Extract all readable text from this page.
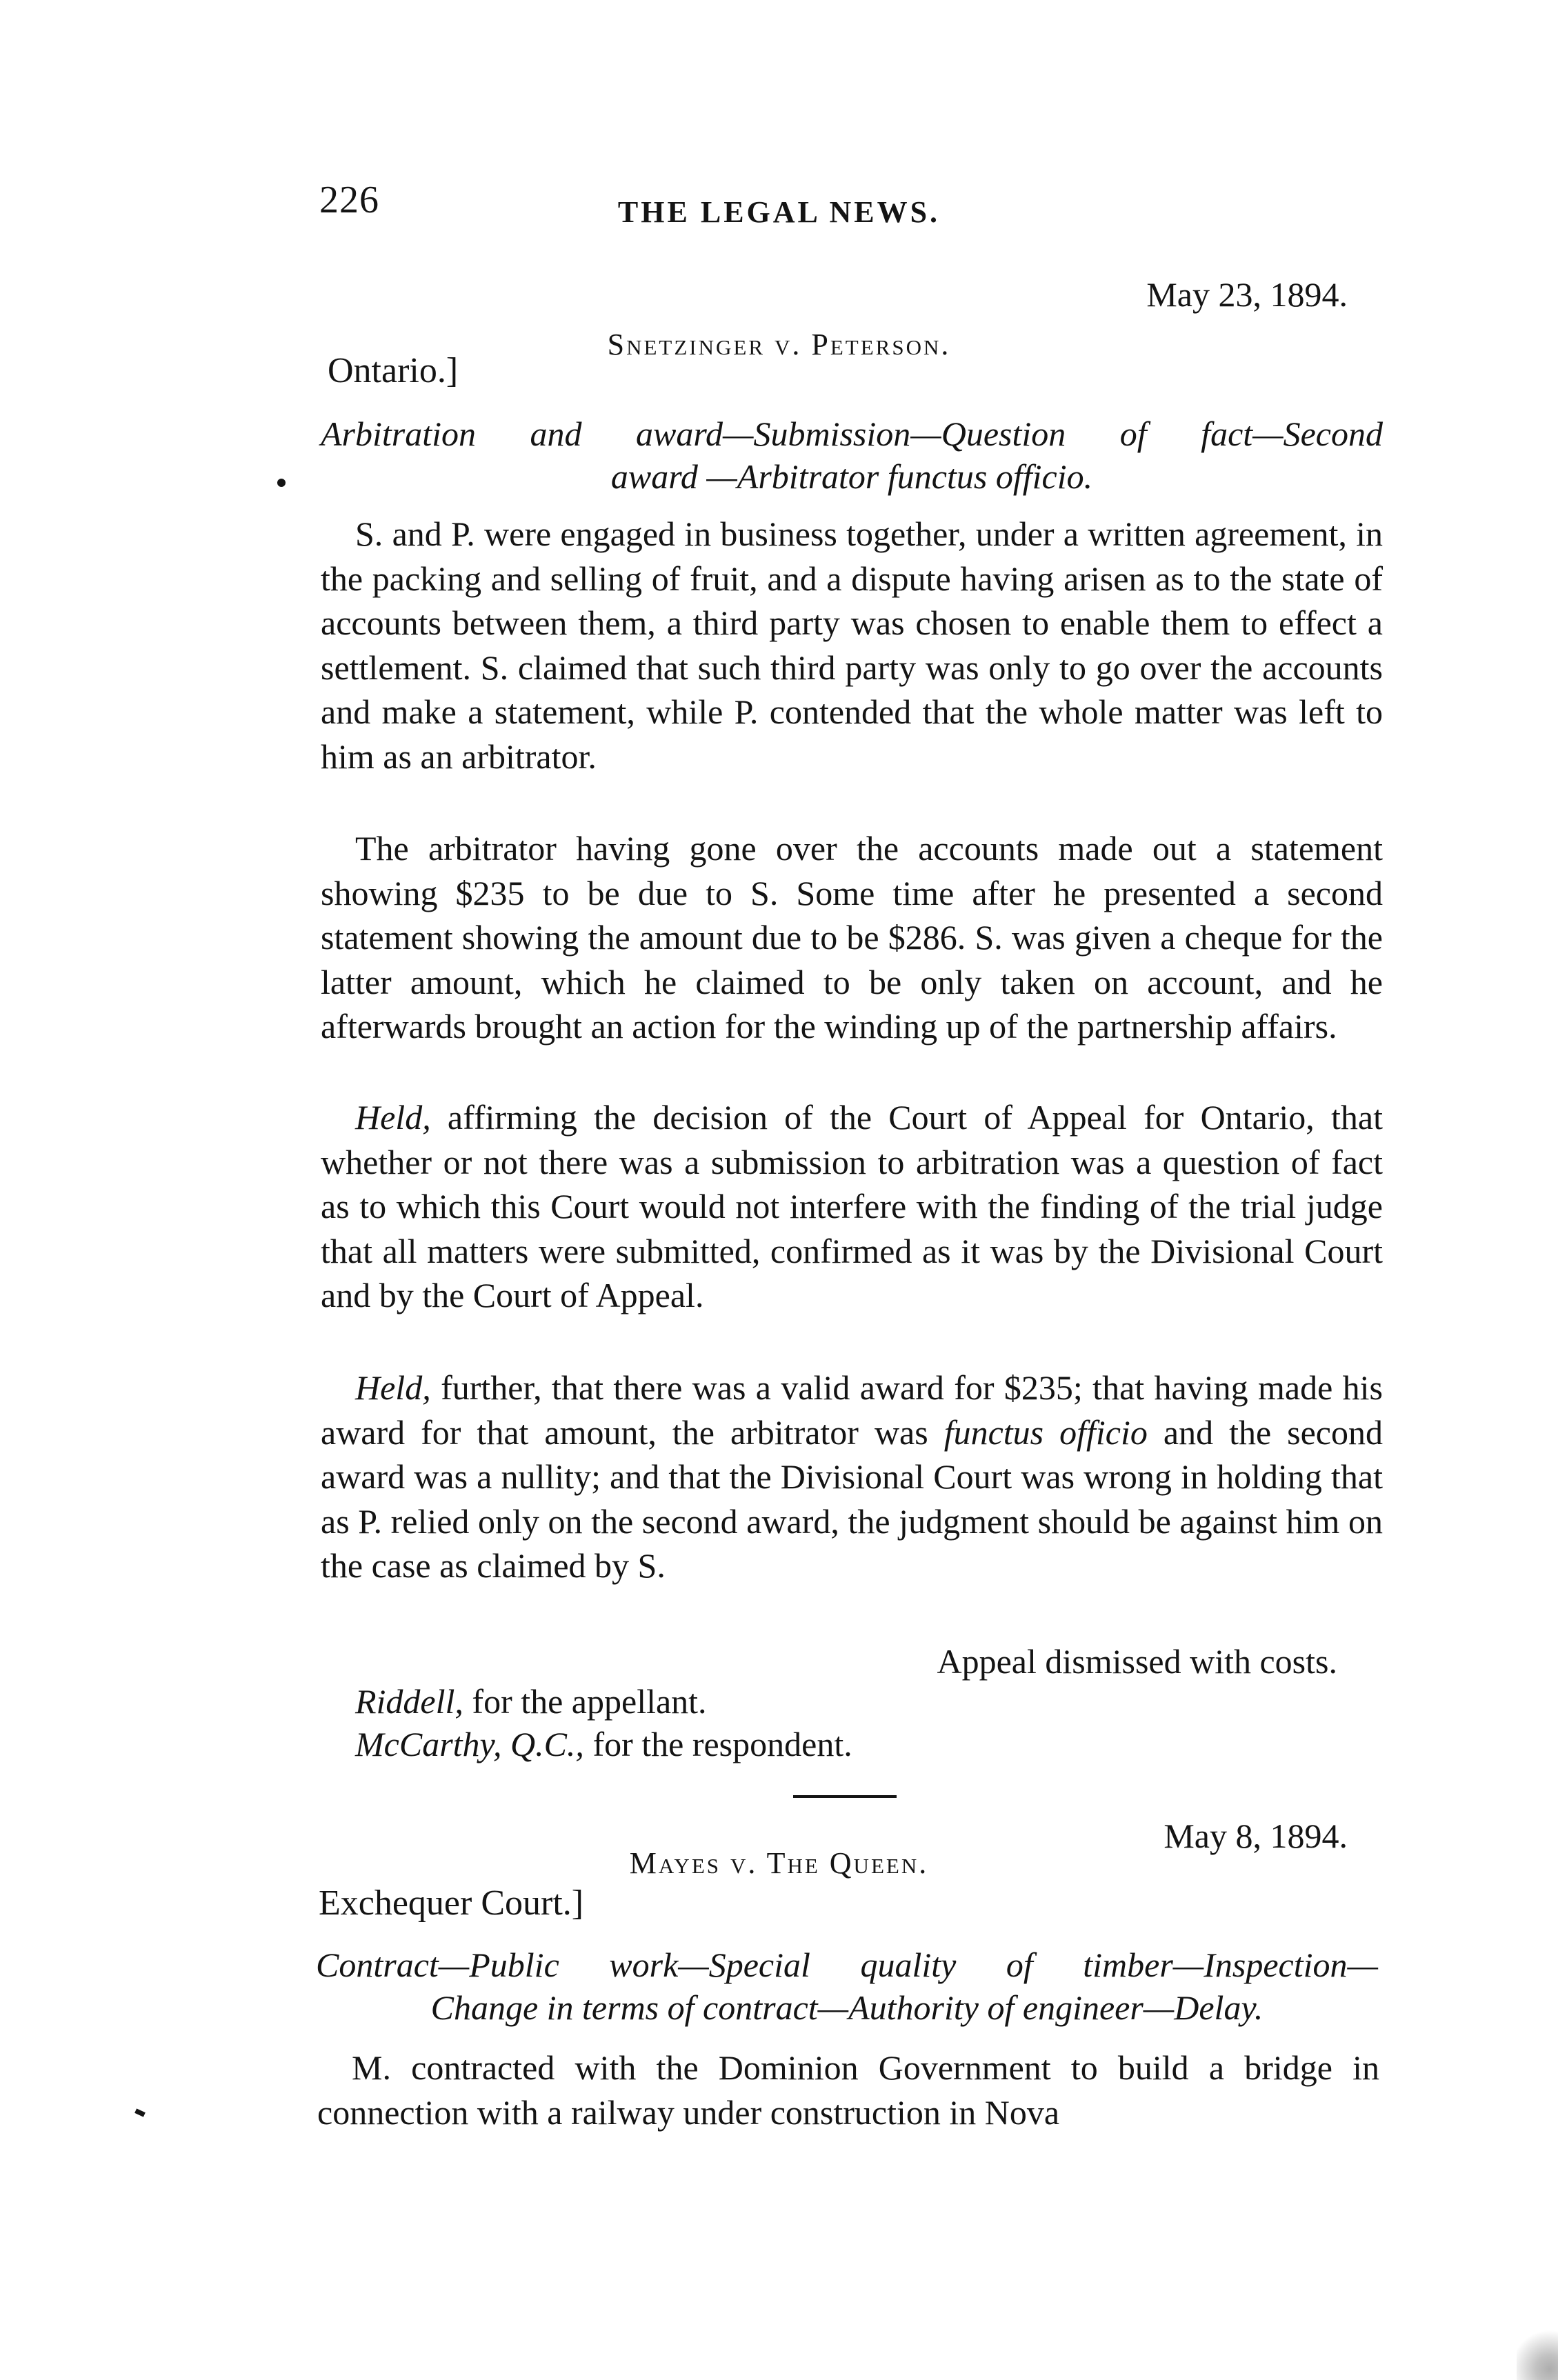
226	THE LEGAL NEWS.
May 23, 1894.
Snetzinger v. Peterson.
Ontario.]
Arbitration and award—Submission—Question of fact—Second
award —Arbitrator functus officio.

S. and P. were engaged in business together, under a written agreement, in the packing and selling of fruit, and a dispute having arisen as to the state of accounts between them, a third party was chosen to enable them to effect a settlement. S. claimed that such third party was only to go over the accounts and make a statement, while P. contended that the whole matter was left to him as an arbitrator.

The arbitrator having gone over the accounts made out a statement showing $235 to be due to S. Some time after he presented a second statement showing the amount due to be $286. S. was given a cheque for the latter amount, which he claimed to be only taken on account, and he afterwards brought an action for the winding up of the partnership affairs.

Held, affirming the decision of the Court of Appeal for Ontario, that whether or not there was a submission to arbitration was a question of fact as to which this Court would not interfere with the finding of the trial judge that all matters were submitted, confirmed as it was by the Divisional Court and by the Court of Appeal.

Held, further, that there was a valid award for $235; that having made his award for that amount, the arbitrator was functus officio and the second award was a nullity; and that the Divisional Court was wrong in holding that as P. relied only on the second award, the judgment should be against him on the case as claimed by S.

Appeal dismissed with costs.
Riddell, for the appellant.
McCarthy, Q.C., for the respondent.
May 8, 1894.
Mayes v. The Queen.
Exchequer Court.]
Contract—Public work—Special quality of timber—Inspection—
Change in terms of contract—Authority of engineer—Delay.

M. contracted with the Dominion Government to build a bridge in connection with a railway under construction in Nova
